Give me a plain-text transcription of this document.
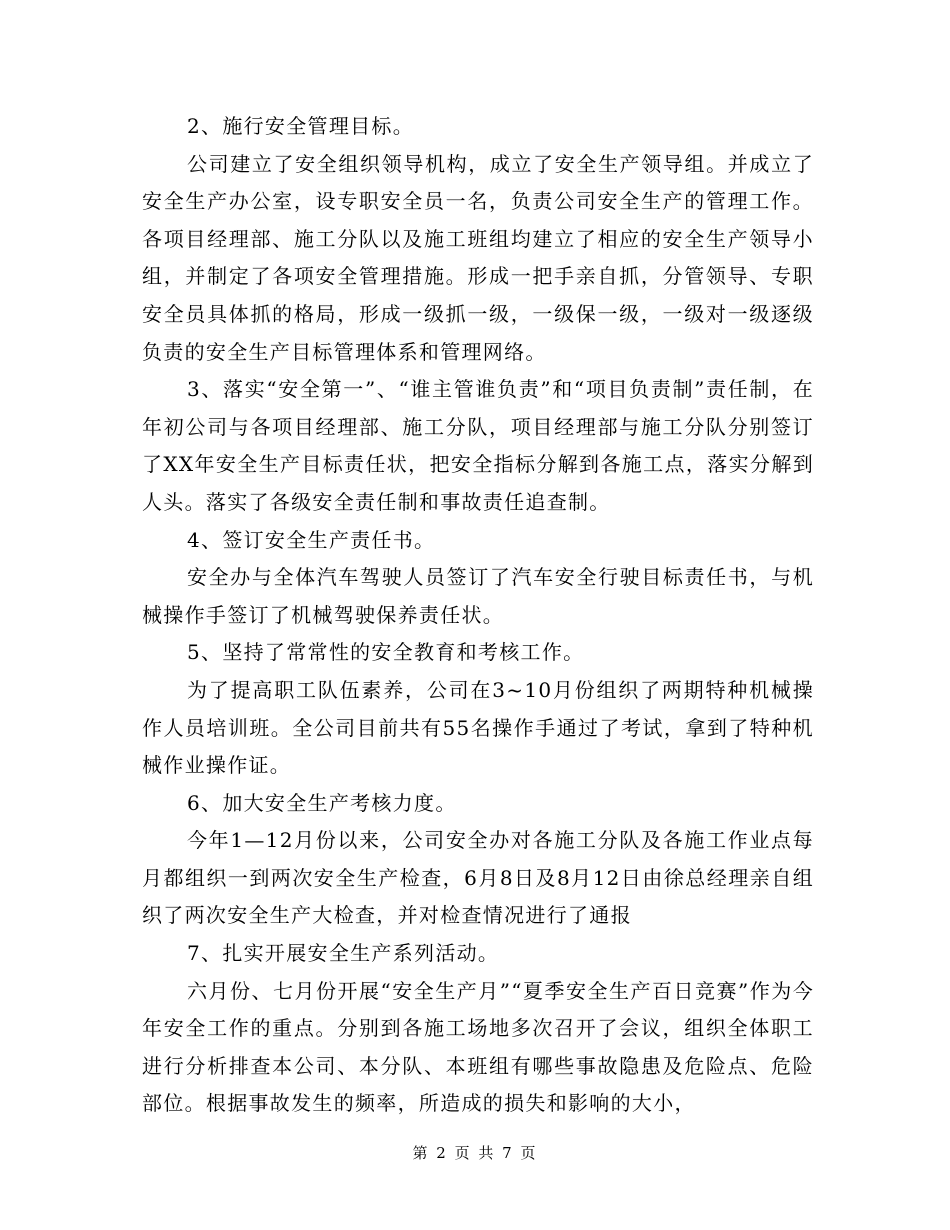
2、施行安全管理目标。

公司建立了安全组织领导机构，成立了安全生产领导组。并成立了安全生产办公室，设专职安全员一名，负责公司安全生产的管理工作。各项目经理部、施工分队以及施工班组均建立了相应的安全生产领导小组，并制定了各项安全管理措施。形成一把手亲自抓，分管领导、专职安全员具体抓的格局，形成一级抓一级，一级保一级，一级对一级逐级负责的安全生产目标管理体系和管理网络。

3、落实“安全第一”、“谁主管谁负责”和“项目负责制”责任制，在年初公司与各项目经理部、施工分队，项目经理部与施工分队分别签订了XX年安全生产目标责任状，把安全指标分解到各施工点，落实分解到人头。落实了各级安全责任制和事故责任追查制。

4、签订安全生产责任书。

安全办与全体汽车驾驶人员签订了汽车安全行驶目标责任书，与机械操作手签订了机械驾驶保养责任状。

5、坚持了常常性的安全教育和考核工作。

为了提高职工队伍素养，公司在3~10月份组织了两期特种机械操作人员培训班。全公司目前共有55名操作手通过了考试，拿到了特种机械作业操作证。

6、加大安全生产考核力度。

今年1—12月份以来，公司安全办对各施工分队及各施工作业点每月都组织一到两次安全生产检查，6月8日及8月12日由徐总经理亲自组织了两次安全生产大检查，并对检查情况进行了通报

7、扎实开展安全生产系列活动。

六月份、七月份开展“安全生产月”“夏季安全生产百日竞赛”作为今年安全工作的重点。分别到各施工场地多次召开了会议，组织全体职工进行分析排查本公司、本分队、本班组有哪些事故隐患及危险点、危险部位。根据事故发生的频率，所造成的损失和影响的大小，

第 2 页 共 7 页
